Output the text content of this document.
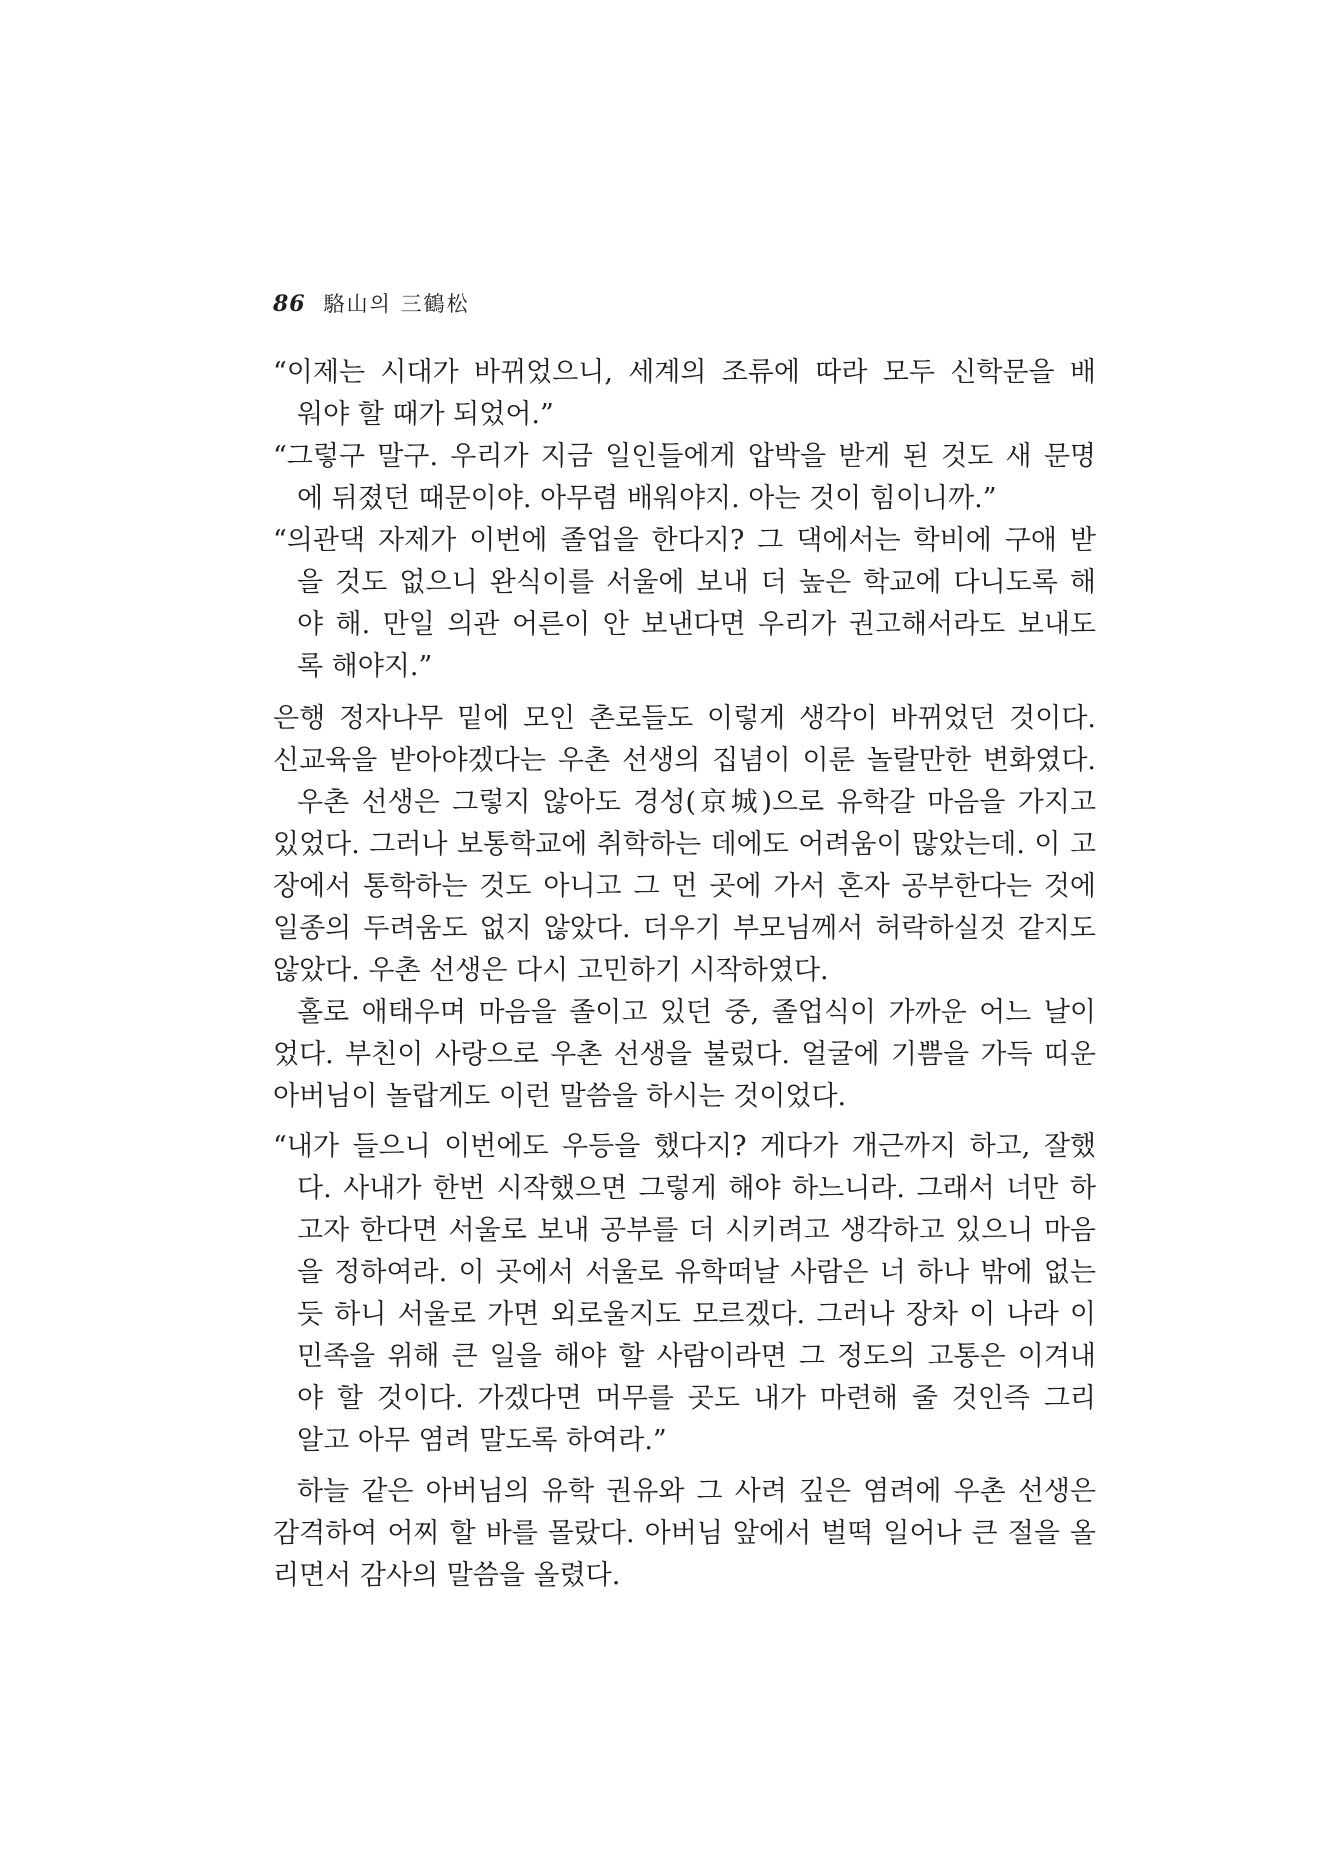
86 駱山의 三鶴松
“이제는 시대가 바뀌었으니, 세계의 조류에 따라 모두 신학문을 배
워야 할 때가 되었어.”
“그렇구 말구. 우리가 지금 일인들에게 압박을 받게 된 것도 새 문명
에 뒤졌던 때문이야. 아무렴 배워야지. 아는 것이 힘이니까.”
“의관댁 자제가 이번에 졸업을 한다지? 그 댁에서는 학비에 구애 받
을 것도 없으니 완식이를 서울에 보내 더 높은 학교에 다니도록 해
야 해. 만일 의관 어른이 안 보낸다면 우리가 권고해서라도 보내도
록 해야지.”
은행 정자나무 밑에 모인 촌로들도 이렇게 생각이 바뀌었던 것이다.
신교육을 받아야겠다는 우촌 선생의 집념이 이룬 놀랄만한 변화였다.
우촌 선생은 그렇지 않아도 경성(京城)으로 유학갈 마음을 가지고
있었다. 그러나 보통학교에 취학하는 데에도 어려움이 많았는데. 이 고
장에서 통학하는 것도 아니고 그 먼 곳에 가서 혼자 공부한다는 것에
일종의 두려움도 없지 않았다. 더우기 부모님께서 허락하실것 같지도
않았다. 우촌 선생은 다시 고민하기 시작하였다.
홀로 애태우며 마음을 졸이고 있던 중, 졸업식이 가까운 어느 날이
었다. 부친이 사랑으로 우촌 선생을 불렀다. 얼굴에 기쁨을 가득 띠운
아버님이 놀랍게도 이런 말씀을 하시는 것이었다.
“내가 들으니 이번에도 우등을 했다지? 게다가 개근까지 하고, 잘했
다. 사내가 한번 시작했으면 그렇게 해야 하느니라. 그래서 너만 하
고자 한다면 서울로 보내 공부를 더 시키려고 생각하고 있으니 마음
을 정하여라. 이 곳에서 서울로 유학떠날 사람은 너 하나 밖에 없는
듯 하니 서울로 가면 외로울지도 모르겠다. 그러나 장차 이 나라 이
민족을 위해 큰 일을 해야 할 사람이라면 그 정도의 고통은 이겨내
야 할 것이다. 가겠다면 머무를 곳도 내가 마련해 줄 것인즉 그리
알고 아무 염려 말도록 하여라.”
하늘 같은 아버님의 유학 권유와 그 사려 깊은 염려에 우촌 선생은
감격하여 어찌 할 바를 몰랐다. 아버님 앞에서 벌떡 일어나 큰 절을 올
리면서 감사의 말씀을 올렸다.
